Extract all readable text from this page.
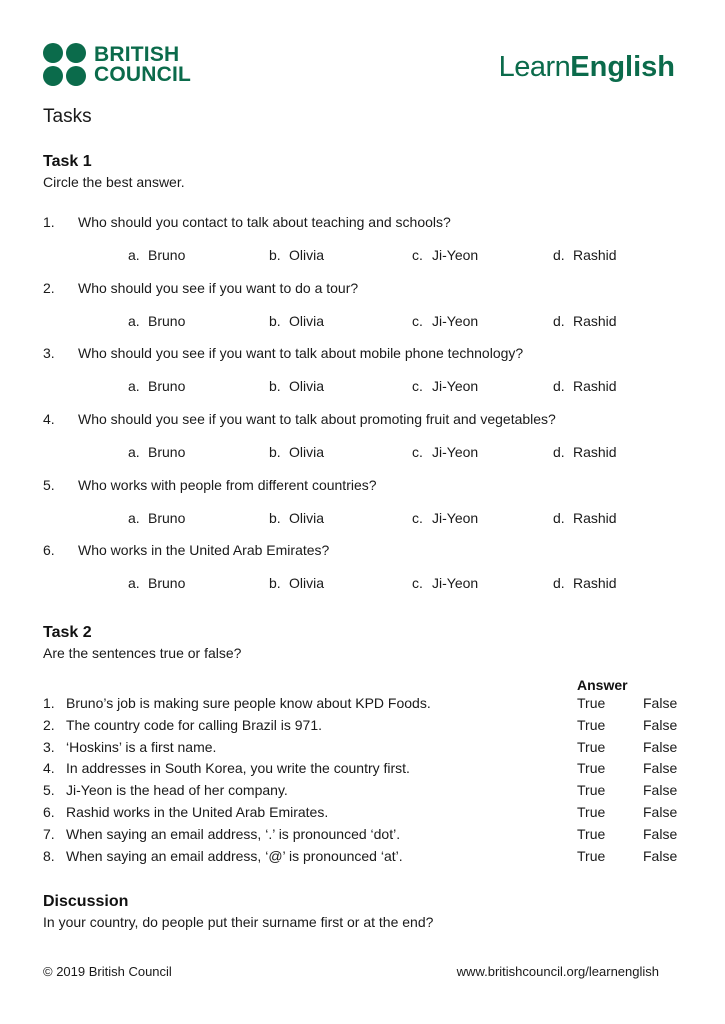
BRITISH
COUNCIL	LearnEnglish
Tasks
Task 1
Circle the best answer.
1. Who should you contact to talk about teaching and schools?
a. Bruno	b. Olivia	c. Ji-Yeon	d. Rashid
2. Who should you see if you want to do a tour?
a. Bruno	b. Olivia	c. Ji-Yeon	d. Rashid
3. Who should you see if you want to talk about mobile phone technology?
a. Bruno	b. Olivia	c. Ji-Yeon	d. Rashid
4. Who should you see if you want to talk about promoting fruit and vegetables?
a. Bruno	b. Olivia	c. Ji-Yeon	d. Rashid
5. Who works with people from different countries?
a. Bruno	b. Olivia	c. Ji-Yeon	d. Rashid
6. Who works in the United Arab Emirates?
a. Bruno	b. Olivia	c. Ji-Yeon	d. Rashid
Task 2
Are the sentences true or false?
Answer
1. Bruno’s job is making sure people know about KPD Foods.	True	False
2. The country code for calling Brazil is 971.	True	False
3. ‘Hoskins’ is a first name.	True	False
4. In addresses in South Korea, you write the country first.	True	False
5. Ji-Yeon is the head of her company.	True	False
6. Rashid works in the United Arab Emirates.	True	False
7. When saying an email address, ‘.’ is pronounced ‘dot’.	True	False
8. When saying an email address, ‘@’ is pronounced ‘at’.	True	False
Discussion
In your country, do people put their surname first or at the end?
© 2019 British Council	www.britishcouncil.org/learnenglish
